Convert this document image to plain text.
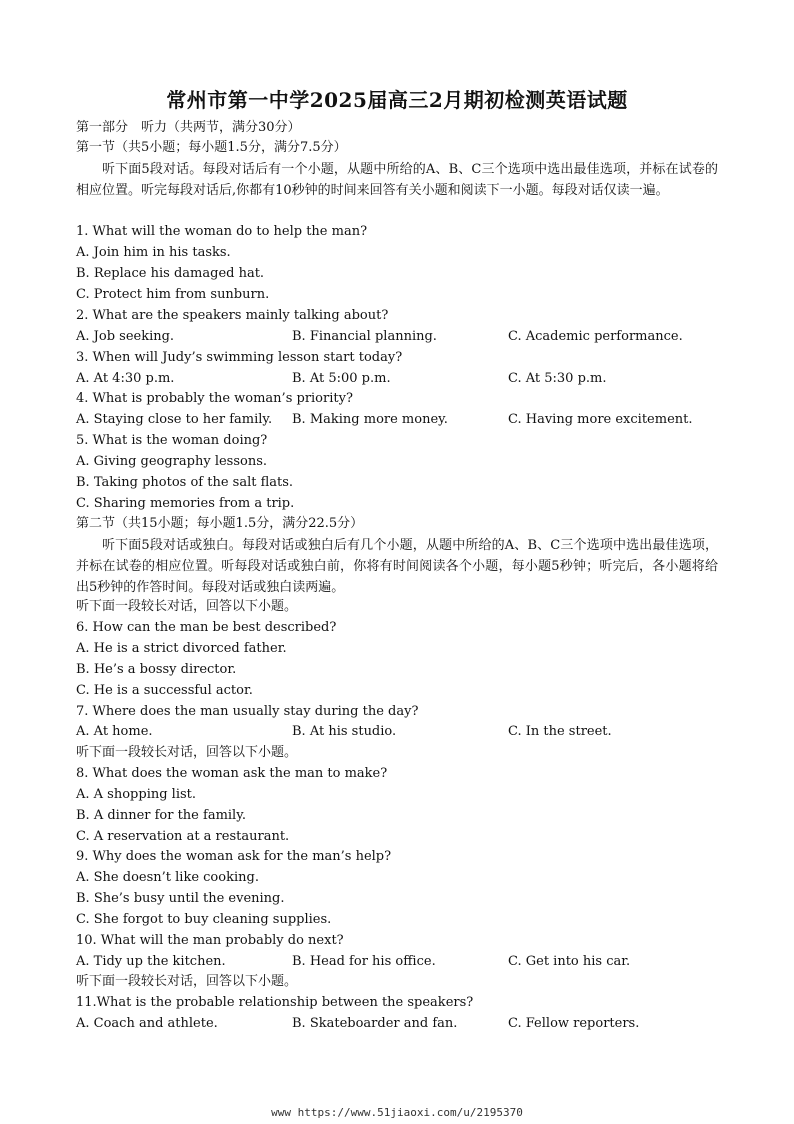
常州市第一中学2025届高三2月期初检测英语试题
第一部分　听力（共两节，满分30分）
第一节（共5小题；每小题1.5分，满分7.5分）
听下面5段对话。每段对话后有一个小题，从题中所给的A、B、C三个选项中选出最佳选项，并标在试卷的相应位置。听完每段对话后,你都有10秒钟的时间来回答有关小题和阅读下一小题。每段对话仅读一遍。
1. What will the woman do to help the man?
A. Join him in his tasks.
B. Replace his damaged hat.
C. Protect him from sunburn.
2. What are the speakers mainly talking about?
A. Job seeking.	B. Financial planning.	C. Academic performance.
3. When will Judy’s swimming lesson start today?
A. At 4:30 p.m.	B. At 5:00 p.m.	C. At 5:30 p.m.
4. What is probably the woman’s priority?
A. Staying close to her family. B. Making more money.	C. Having more excitement.
5. What is the woman doing?
A. Giving geography lessons.
B. Taking photos of the salt flats.
C. Sharing memories from a trip.
第二节（共15小题；每小题1.5分，满分22.5分）
听下面5段对话或独白。每段对话或独白后有几个小题，从题中所给的A、B、C三个选项中选出最佳选项，并标在试卷的相应位置。听每段对话或独白前，你将有时间阅读各个小题，每小题5秒钟；听完后，各小题将给出5秒钟的作答时间。每段对话或独白读两遍。
听下面一段较长对话，回答以下小题。
6. How can the man be best described?
A. He is a strict divorced father.
B. He’s a bossy director.
C. He is a successful actor.
7. Where does the man usually stay during the day?
A. At home.	B. At his studio.	C. In the street.
听下面一段较长对话，回答以下小题。
8. What does the woman ask the man to make?
A. A shopping list.
B. A dinner for the family.
C. A reservation at a restaurant.
9. Why does the woman ask for the man’s help?
A. She doesn’t like cooking.
B. She’s busy until the evening.
C. She forgot to buy cleaning supplies.
10. What will the man probably do next?
A. Tidy up the kitchen.	B. Head for his office.	C. Get into his car.
听下面一段较长对话，回答以下小题。
11.What is the probable relationship between the speakers?
A. Coach and athlete.	B. Skateboarder and fan.	C. Fellow reporters.
www https://www.51jiaoxi.com/u/2195370
